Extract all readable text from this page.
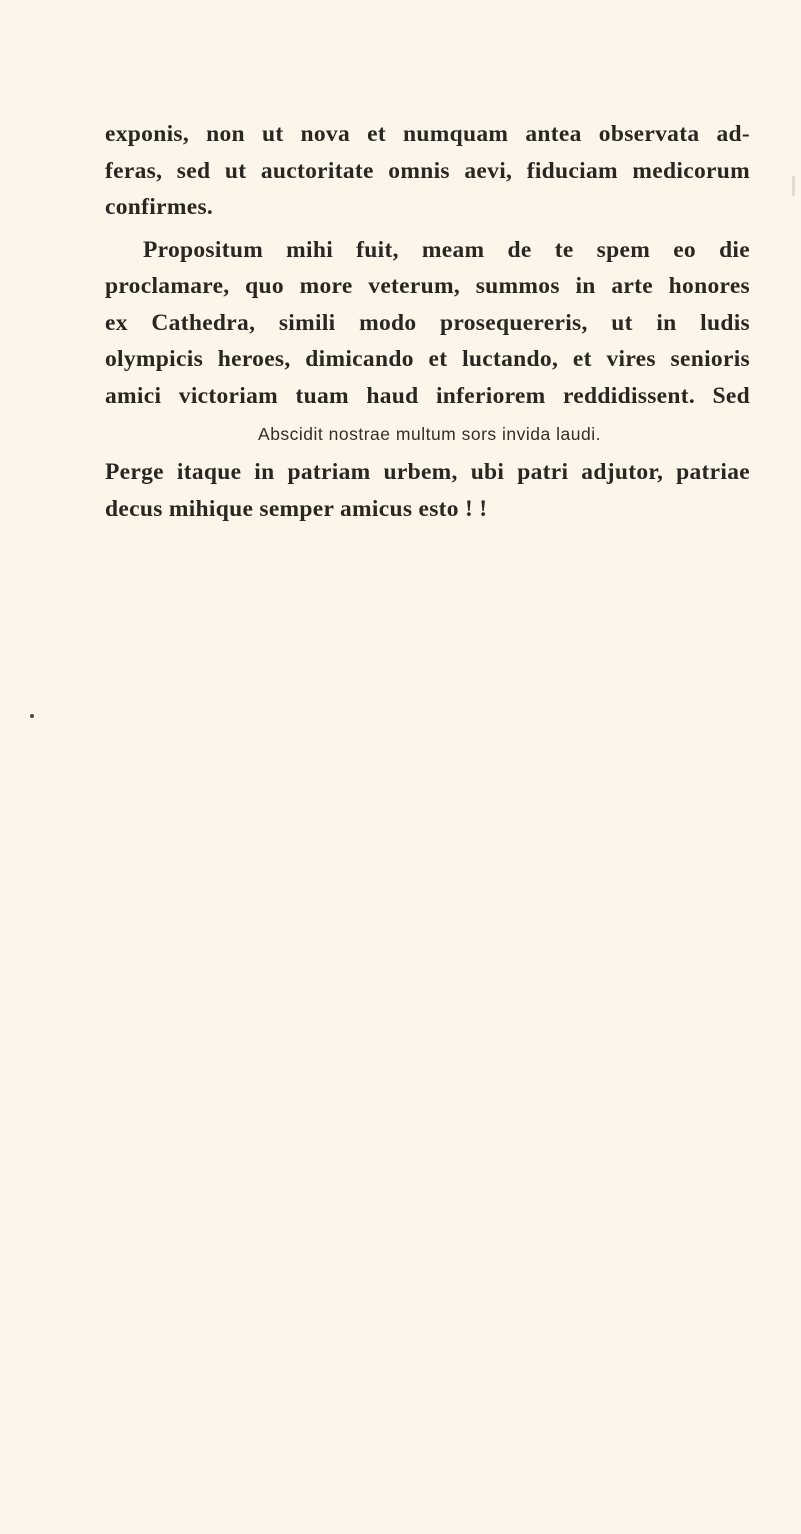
exponis, non ut nova et numquam antea observata ad-
feras, sed ut auctoritate omnis aevi, fiduciam medicorum
confirmes.
Propositum mihi fuit, meam de te spem eo die
proclamare, quo more veterum, summos in arte honores
ex Cathedra, simili modo prosequereris, ut in ludis
olympicis heroes, dimicando et luctando, et vires senioris
amici victoriam tuam haud inferiorem reddidissent. Sed
Abscidit nostrae multum sors invida laudi.
Perge itaque in patriam urbem, ubi patri adjutor, patriae
decus mihique semper amicus esto ! !
